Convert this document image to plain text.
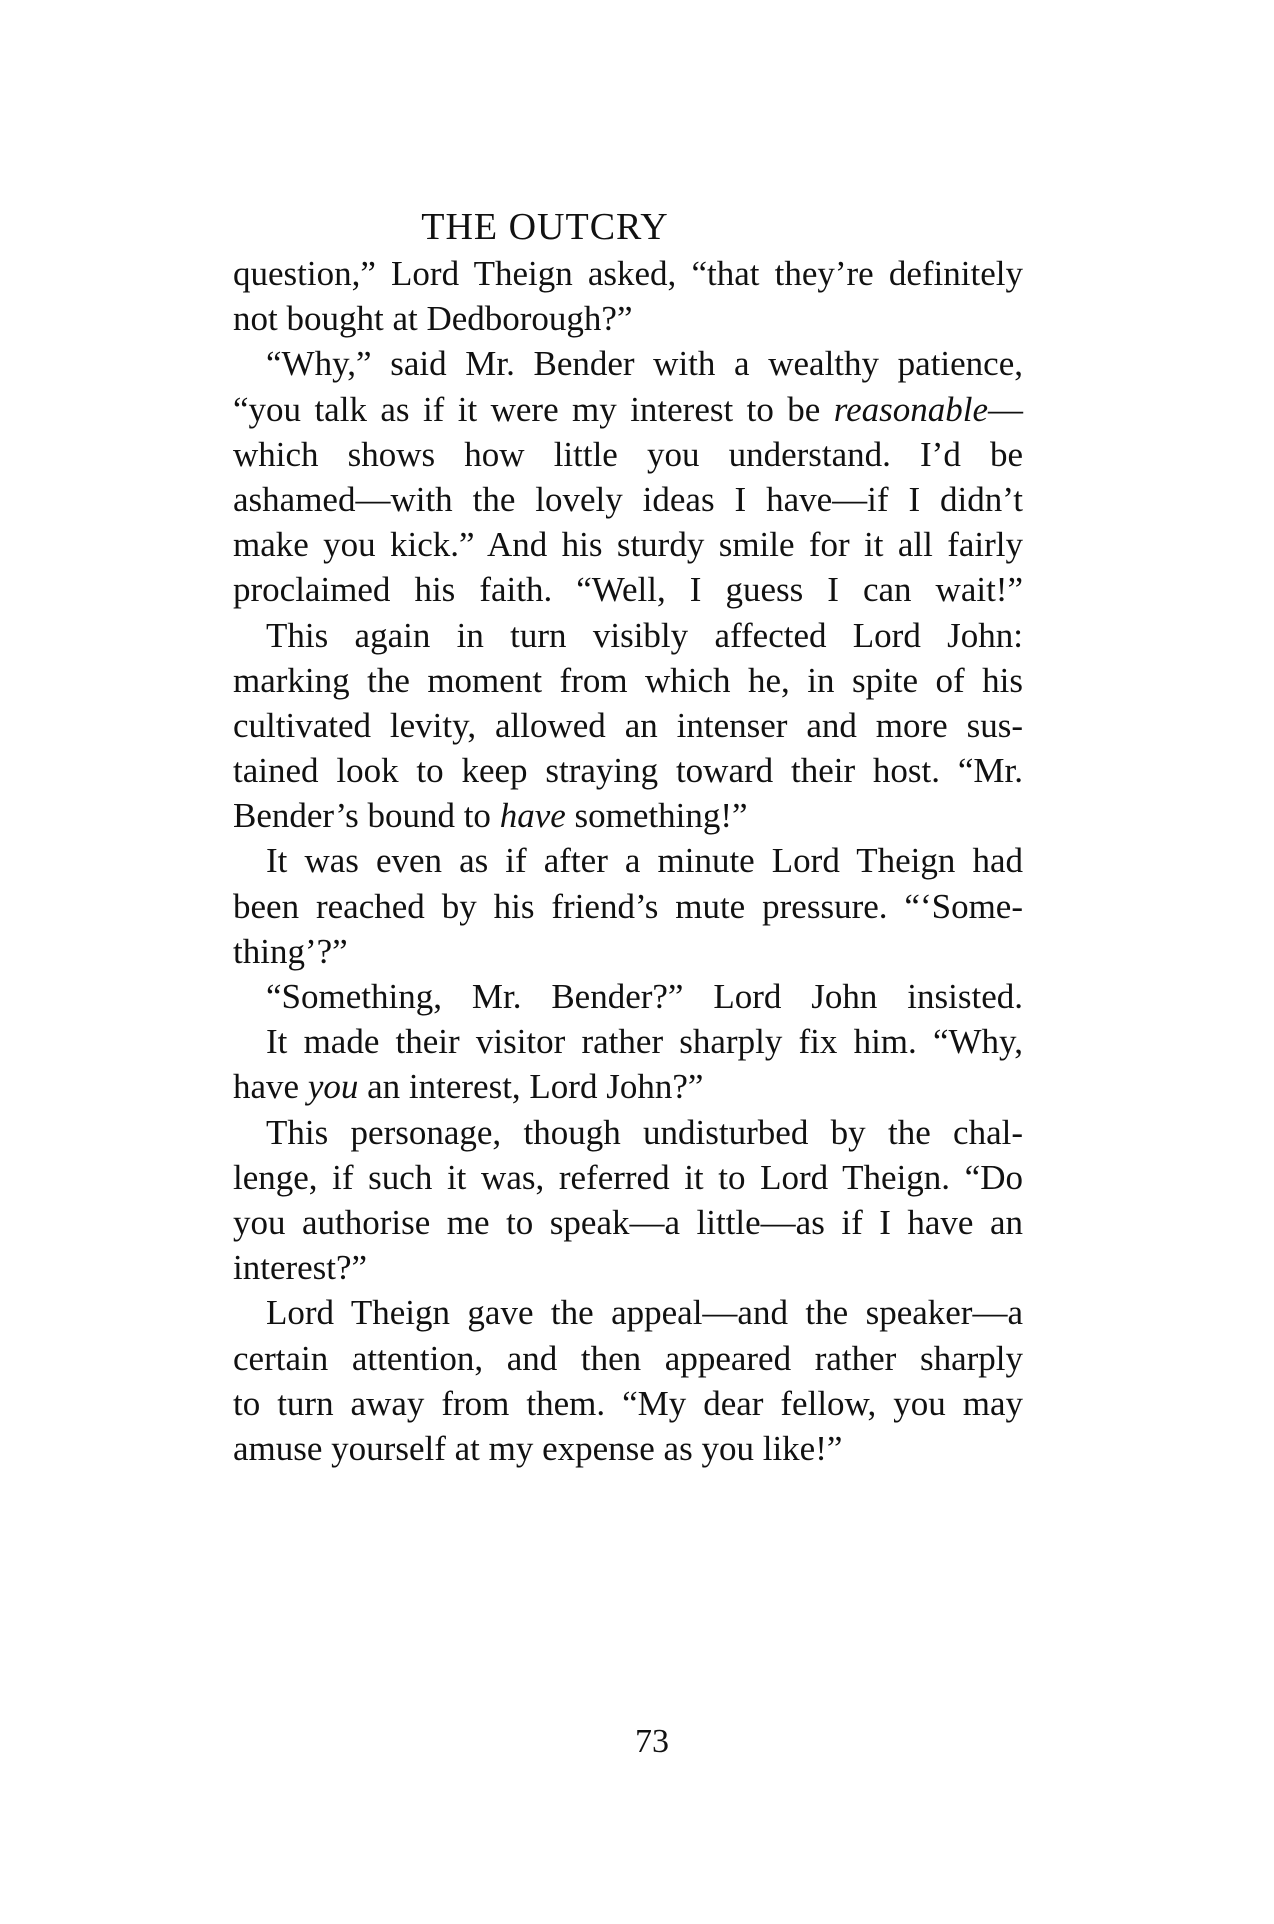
THE OUTCRY
question,” Lord Theign asked, “that they’re definitely
not bought at Dedborough?”
“Why,” said Mr. Bender with a wealthy patience,
“you talk as if it were my interest to be reasonable—
which shows how little you understand. I’d be
ashamed—with the lovely ideas I have—if I didn’t
make you kick.” And his sturdy smile for it all fairly
proclaimed his faith. “Well, I guess I can wait!”
This again in turn visibly affected Lord John:
marking the moment from which he, in spite of his
cultivated levity, allowed an intenser and more sus-
tained look to keep straying toward their host. “Mr.
Bender’s bound to have something!”
It was even as if after a minute Lord Theign had
been reached by his friend’s mute pressure. “‘Some-
thing’?”
“Something, Mr. Bender?” Lord John insisted.
It made their visitor rather sharply fix him. “Why,
have you an interest, Lord John?”
This personage, though undisturbed by the chal-
lenge, if such it was, referred it to Lord Theign. “Do
you authorise me to speak—a little—as if I have an
interest?”
Lord Theign gave the appeal—and the speaker—a
certain attention, and then appeared rather sharply
to turn away from them. “My dear fellow, you may
amuse yourself at my expense as you like!”
73
